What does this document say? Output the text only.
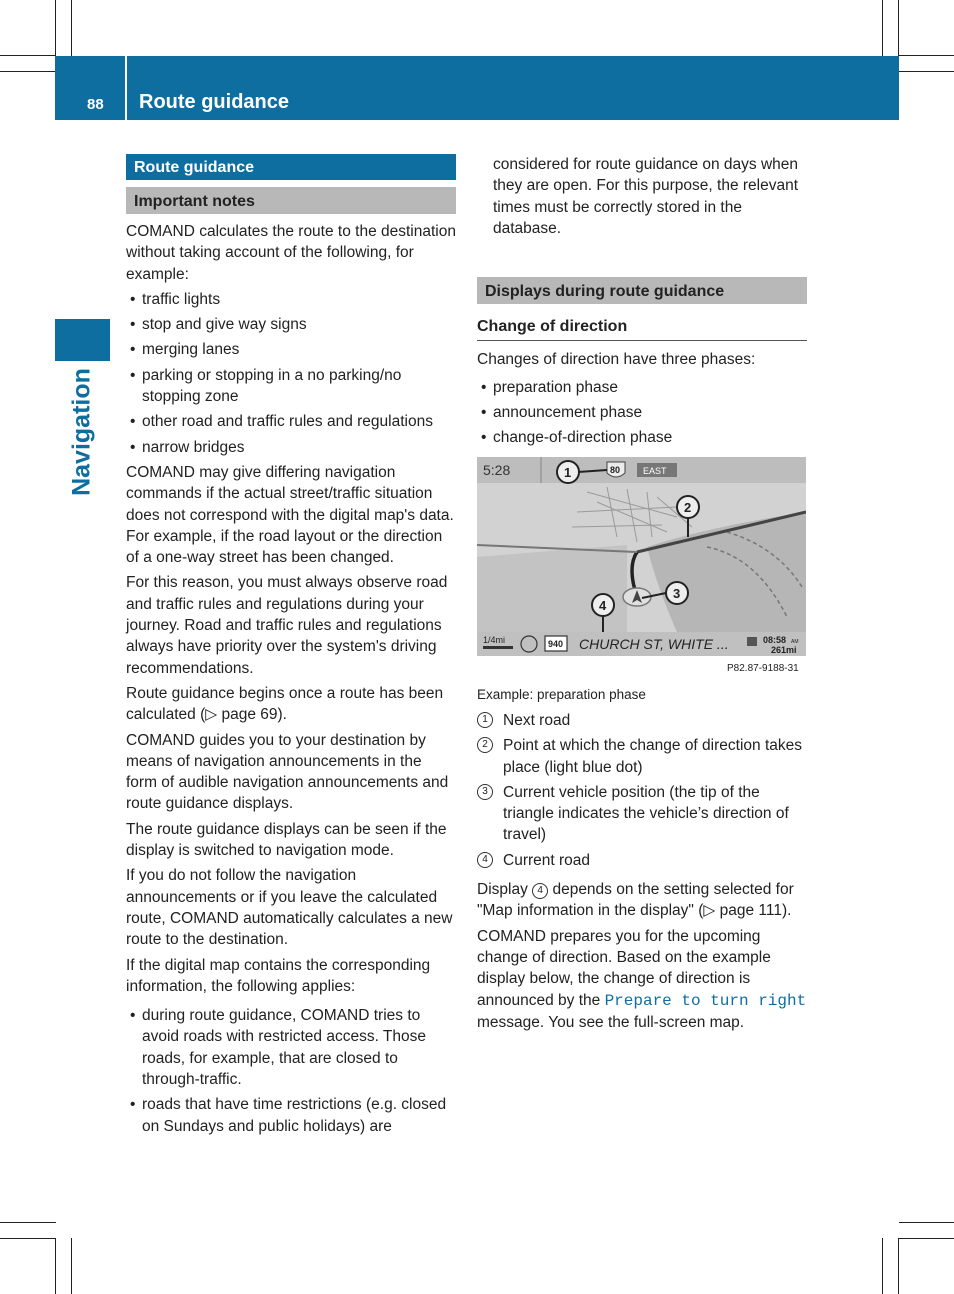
88 Route guidance
Navigation
Route guidance
Important notes

COMAND calculates the route to the destination without taking account of the following, for example:

• traffic lights
• stop and give way signs
• merging lanes
• parking or stopping in a no parking/no stopping zone
• other road and traffic rules and regulations
• narrow bridges

COMAND may give differing navigation commands if the actual street/traffic situation does not correspond with the digital map's data. For example, if the road layout or the direction of a one-way street has been changed.

For this reason, you must always observe road and traffic rules and regulations during your journey. Road and traffic rules and regulations always have priority over the system's driving recommendations.

Route guidance begins once a route has been calculated (▷ page 69).

COMAND guides you to your destination by means of navigation announcements in the form of audible navigation announcements and route guidance displays.

The route guidance displays can be seen if the display is switched to navigation mode.

If you do not follow the navigation announcements or if you leave the calculated route, COMAND automatically calculates a new route to the destination.

If the digital map contains the corresponding information, the following applies:

• during route guidance, COMAND tries to avoid roads with restricted access. Those roads, for example, that are closed to through-traffic.
• roads that have time restrictions (e.g. closed on Sundays and public holidays) are

considered for route guidance on days when they are open. For this purpose, the relevant times must be correctly stored in the database.

Displays during route guidance
Change of direction

Changes of direction have three phases:

• preparation phase
• announcement phase
• change-of-direction phase
5:28	80	EAST
1
2
3
4
1/4mi	940 CHURCH ST, WHITE ...	08:58 AM
261mi
P82.87-9188-31
Example: preparation phase
1 Next road
2 Point at which the change of direction takes place (light blue dot)
3 Current vehicle position (the tip of the triangle indicates the vehicle’s direction of travel)
4 Current road

Display 4 depends on the setting selected for "Map information in the display" (▷ page 111).

COMAND prepares you for the upcoming change of direction. Based on the example display below, the change of direction is announced by the Prepare to turn right message. You see the full-screen map.
